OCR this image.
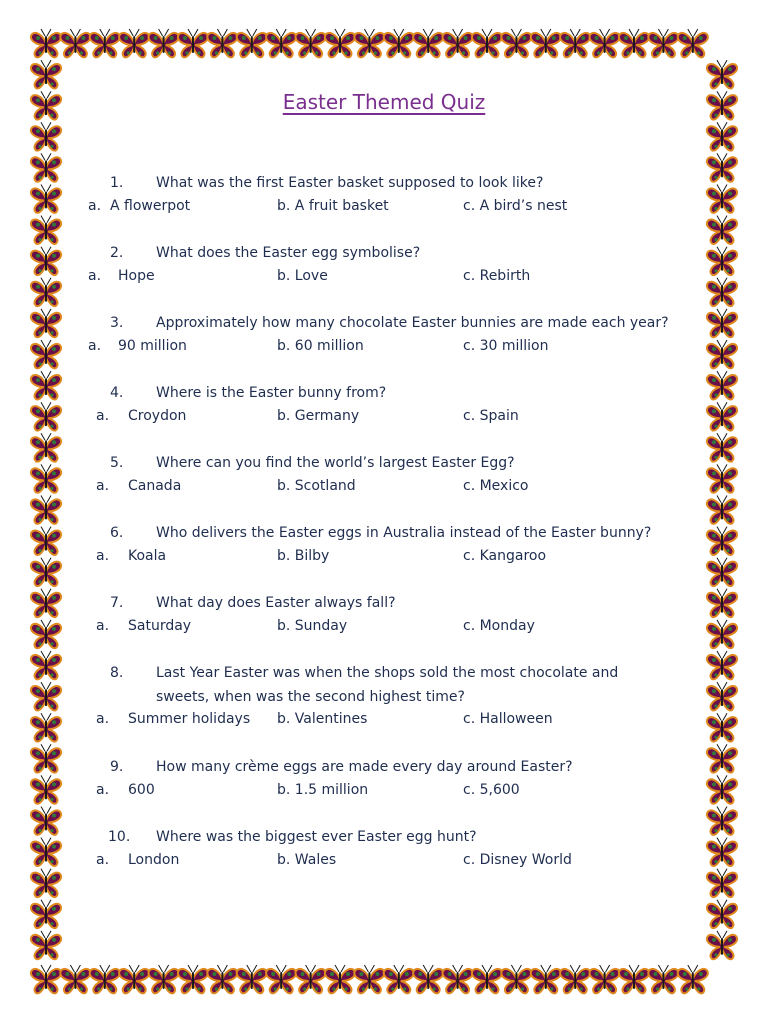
Easter Themed Quiz
1. What was the first Easter basket supposed to look like?
a. A flowerpot	b. A fruit basket	c. A bird’s nest
2. What does the Easter egg symbolise?
a. Hope	b. Love	c. Rebirth
3. Approximately how many chocolate Easter bunnies are made each year?
a. 90 million	b. 60 million	c. 30 million
4. Where is the Easter bunny from?
a. Croydon	b. Germany	c. Spain
5. Where can you find the world’s largest Easter Egg?
a. Canada	b. Scotland	c. Mexico
6. Who delivers the Easter eggs in Australia instead of the Easter bunny?
a. Koala	b. Bilby	c. Kangaroo
7. What day does Easter always fall?
a. Saturday	b. Sunday	c. Monday
8. Last Year Easter was when the shops sold the most chocolate and
sweets, when was the second highest time?
a. Summer holidays b. Valentines	c. Halloween
9. How many crème eggs are made every day around Easter?
a. 600	b. 1.5 million	c. 5,600
10. Where was the biggest ever Easter egg hunt?
a. London	b. Wales	c. Disney World
